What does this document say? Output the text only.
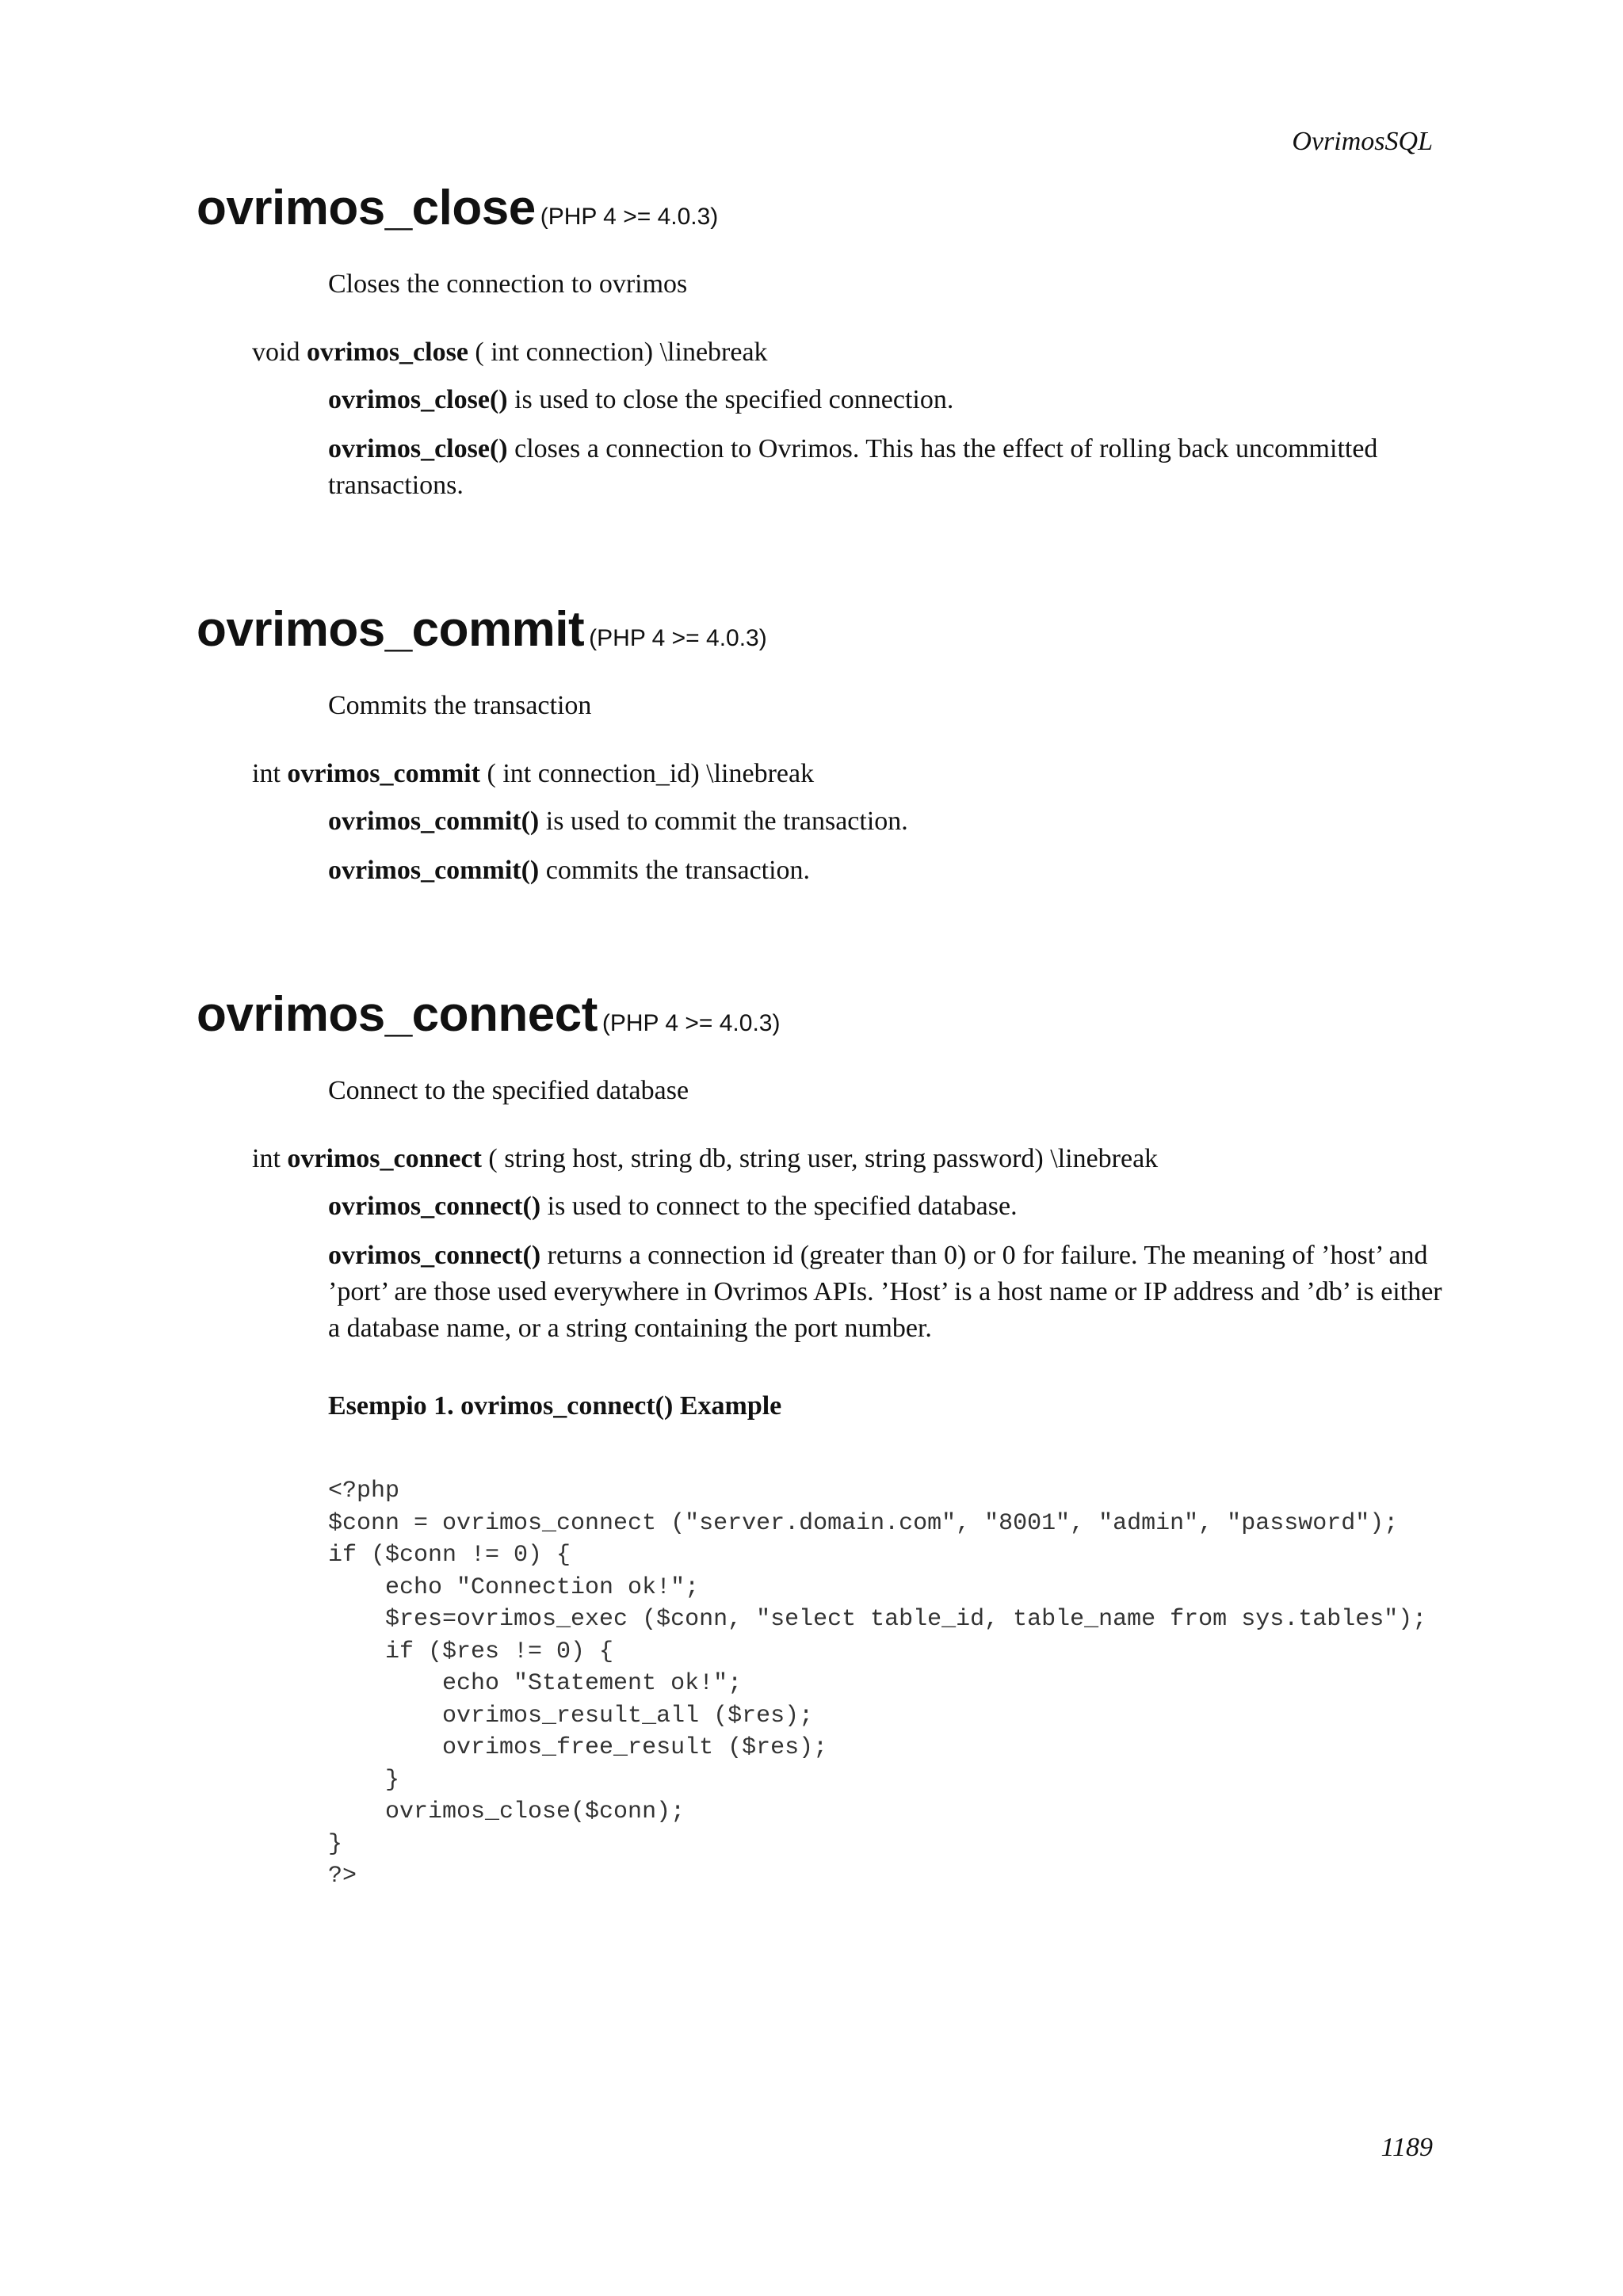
OvrimosSQL
ovrimos_close (PHP 4 >= 4.0.3)
Closes the connection to ovrimos
void ovrimos_close ( int connection) \linebreak
ovrimos_close() is used to close the specified connection.
ovrimos_close() closes a connection to Ovrimos. This has the effect of rolling back uncommitted transactions.
ovrimos_commit (PHP 4 >= 4.0.3)
Commits the transaction
int ovrimos_commit ( int connection_id) \linebreak
ovrimos_commit() is used to commit the transaction.
ovrimos_commit() commits the transaction.
ovrimos_connect (PHP 4 >= 4.0.3)
Connect to the specified database
int ovrimos_connect ( string host, string db, string user, string password) \linebreak
ovrimos_connect() is used to connect to the specified database.
ovrimos_connect() returns a connection id (greater than 0) or 0 for failure. The meaning of ’host’ and ’port’ are those used everywhere in Ovrimos APIs. ’Host’ is a host name or IP address and ’db’ is either a database name, or a string containing the port number.
Esempio 1. ovrimos_connect() Example
<?php
$conn = ovrimos_connect ("server.domain.com", "8001", "admin", "password");
if ($conn != 0) {
echo "Connection ok!";
$res=ovrimos_exec ($conn, "select table_id, table_name from sys.tables");
if ($res != 0) {
echo "Statement ok!";
ovrimos_result_all ($res);
ovrimos_free_result ($res);
}
ovrimos_close($conn);
}
?>
1189
